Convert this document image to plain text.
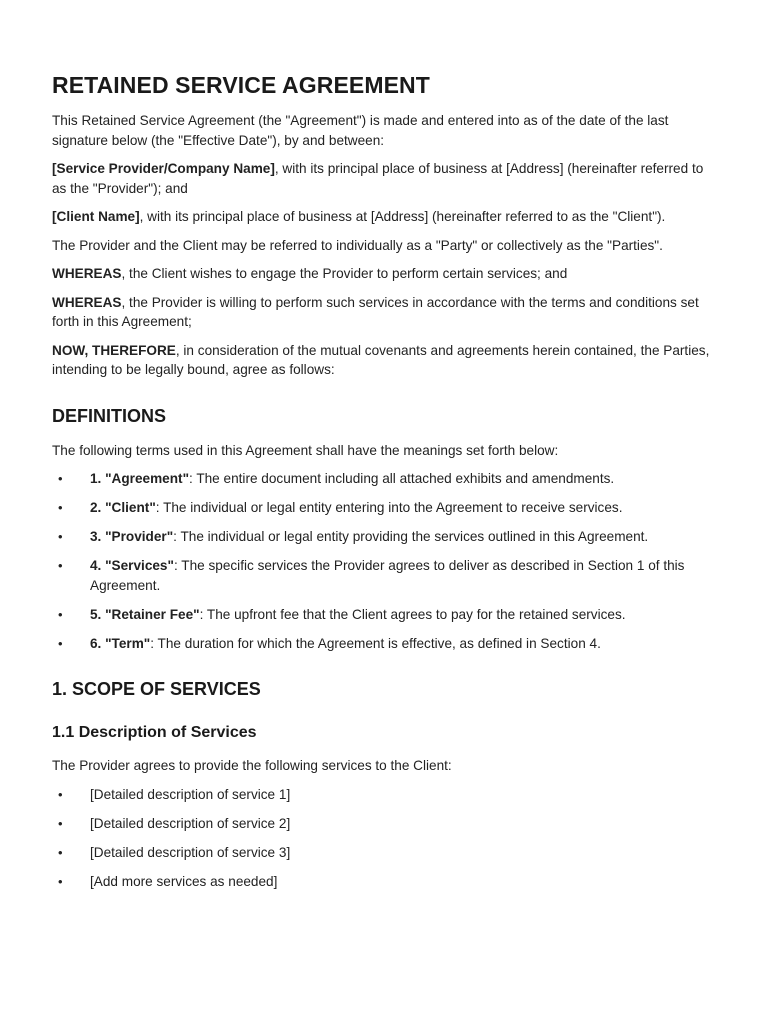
RETAINED SERVICE AGREEMENT

This Retained Service Agreement (the "Agreement") is made and entered into as of the date of the last signature below (the "Effective Date"), by and between:

[Service Provider/Company Name], with its principal place of business at [Address] (hereinafter referred to as the "Provider"); and

[Client Name], with its principal place of business at [Address] (hereinafter referred to as the "Client").

The Provider and the Client may be referred to individually as a "Party" or collectively as the "Parties".

WHEREAS, the Client wishes to engage the Provider to perform certain services; and

WHEREAS, the Provider is willing to perform such services in accordance with the terms and conditions set forth in this Agreement;

NOW, THEREFORE, in consideration of the mutual covenants and agreements herein contained, the Parties, intending to be legally bound, agree as follows:

DEFINITIONS

The following terms used in this Agreement shall have the meanings set forth below:

• 1. "Agreement": The entire document including all attached exhibits and amendments.
• 2. "Client": The individual or legal entity entering into the Agreement to receive services.
• 3. "Provider": The individual or legal entity providing the services outlined in this Agreement.
• 4. "Services": The specific services the Provider agrees to deliver as described in Section 1 of this Agreement.
• 5. "Retainer Fee": The upfront fee that the Client agrees to pay for the retained services.
• 6. "Term": The duration for which the Agreement is effective, as defined in Section 4.
1. SCOPE OF SERVICES
1.1 Description of Services

The Provider agrees to provide the following services to the Client:

• [Detailed description of service 1]
• [Detailed description of service 2]
• [Detailed description of service 3]
• [Add more services as needed]
